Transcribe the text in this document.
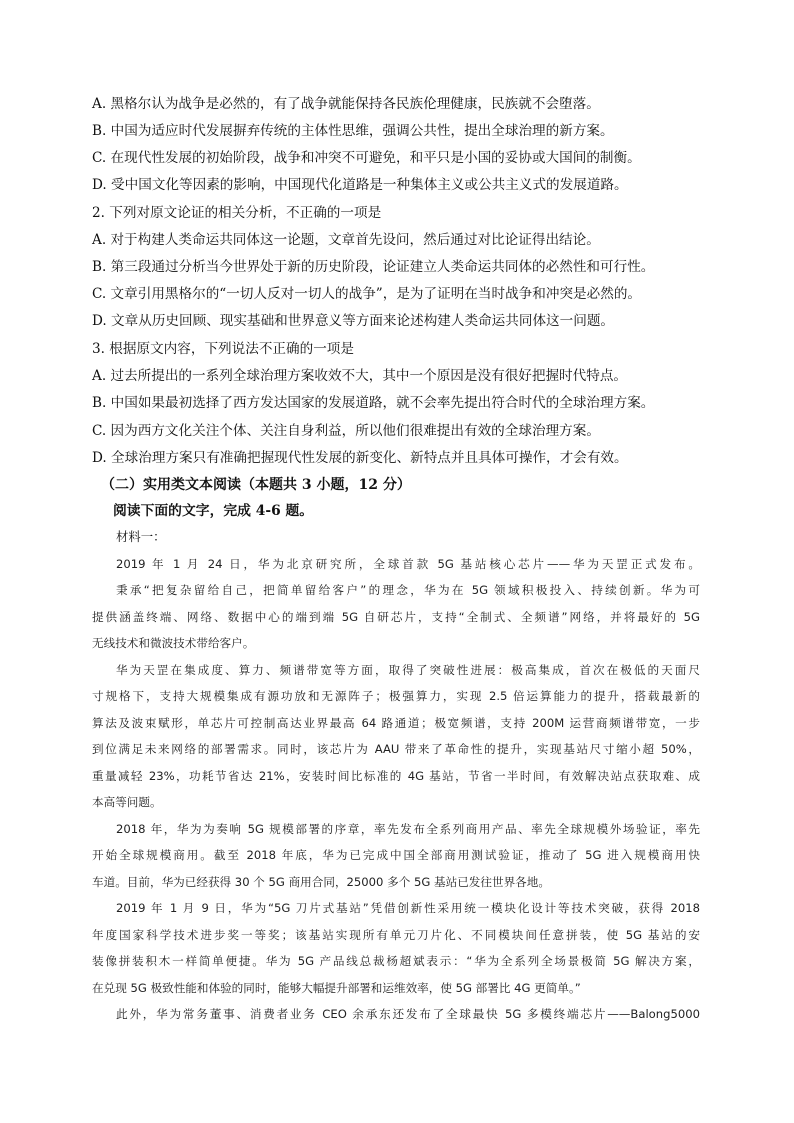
A. 黑格尔认为战争是必然的，有了战争就能保持各民族伦理健康，民族就不会堕落。
B. 中国为适应时代发展摒弃传统的主体性思维，强调公共性，提出全球治理的新方案。
C. 在现代性发展的初始阶段，战争和冲突不可避免，和平只是小国的妥协或大国间的制衡。
D. 受中国文化等因素的影响，中国现代化道路是一种集体主义或公共主义式的发展道路。
2. 下列对原文论证的相关分析，不正确的一项是
A. 对于构建人类命运共同体这一论题，文章首先设问，然后通过对比论证得出结论。
B. 第三段通过分析当今世界处于新的历史阶段，论证建立人类命运共同体的必然性和可行性。
C. 文章引用黑格尔的“一切人反对一切人的战争”，是为了证明在当时战争和冲突是必然的。
D. 文章从历史回顾、现实基础和世界意义等方面来论述构建人类命运共同体这一问题。
3. 根据原文内容，下列说法不正确的一项是
A. 过去所提出的一系列全球治理方案收效不大，其中一个原因是没有很好把握时代特点。
B. 中国如果最初选择了西方发达国家的发展道路，就不会率先提出符合时代的全球治理方案。
C. 因为西方文化关注个体、关注自身利益，所以他们很难提出有效的全球治理方案。
D. 全球治理方案只有准确把握现代性发展的新变化、新特点并且具体可操作，才会有效。
（二）实用类文本阅读（本题共 3 小题，12 分）
阅读下面的文字，完成 4-6 题。
材料一：
2019 年 1 月 24 日，华为北京研究所，全球首款 5G 基站核心芯片——华为天罡正式发布。
秉承“把复杂留给自己，把简单留给客户”的理念，华为在 5G 领域积极投入、持续创新。华为可
提供涵盖终端、网络、数据中心的端到端 5G 自研芯片，支持“全制式、全频谱”网络，并将最好的 5G
无线技术和微波技术带给客户。
华为天罡在集成度、算力、频谱带宽等方面，取得了突破性进展：极高集成，首次在极低的天面尺
寸规格下，支持大规模集成有源功放和无源阵子；极强算力，实现 2.5 倍运算能力的提升，搭载最新的
算法及波束赋形，单芯片可控制高达业界最高 64 路通道；极宽频谱，支持 200M 运营商频谱带宽，一步
到位满足未来网络的部署需求。同时，该芯片为 AAU 带来了革命性的提升，实现基站尺寸缩小超 50%，
重量减轻 23%，功耗节省达 21%，安装时间比标准的 4G 基站，节省一半时间，有效解决站点获取难、成
本高等问题。
2018 年，华为为奏响 5G 规模部署的序章，率先发布全系列商用产品、率先全球规模外场验证，率先
开始全球规模商用。截至 2018 年底，华为已完成中国全部商用测试验证，推动了 5G 进入规模商用快
车道。目前，华为已经获得 30 个 5G 商用合同，25000 多个 5G 基站已发往世界各地。
2019 年 1 月 9 日，华为“5G 刀片式基站”凭借创新性采用统一模块化设计等技术突破，获得 2018
年度国家科学技术进步奖一等奖；该基站实现所有单元刀片化、不同模块间任意拼装，使 5G 基站的安
装像拼装积木一样简单便捷。华为 5G 产品线总裁杨超斌表示：“华为全系列全场景极简 5G 解决方案，
在兑现 5G 极致性能和体验的同时，能够大幅提升部署和运维效率，使 5G 部署比 4G 更简单。”
此外，华为常务董事、消费者业务 CEO 余承东还发布了全球最快 5G 多模终端芯片——Balong5000
